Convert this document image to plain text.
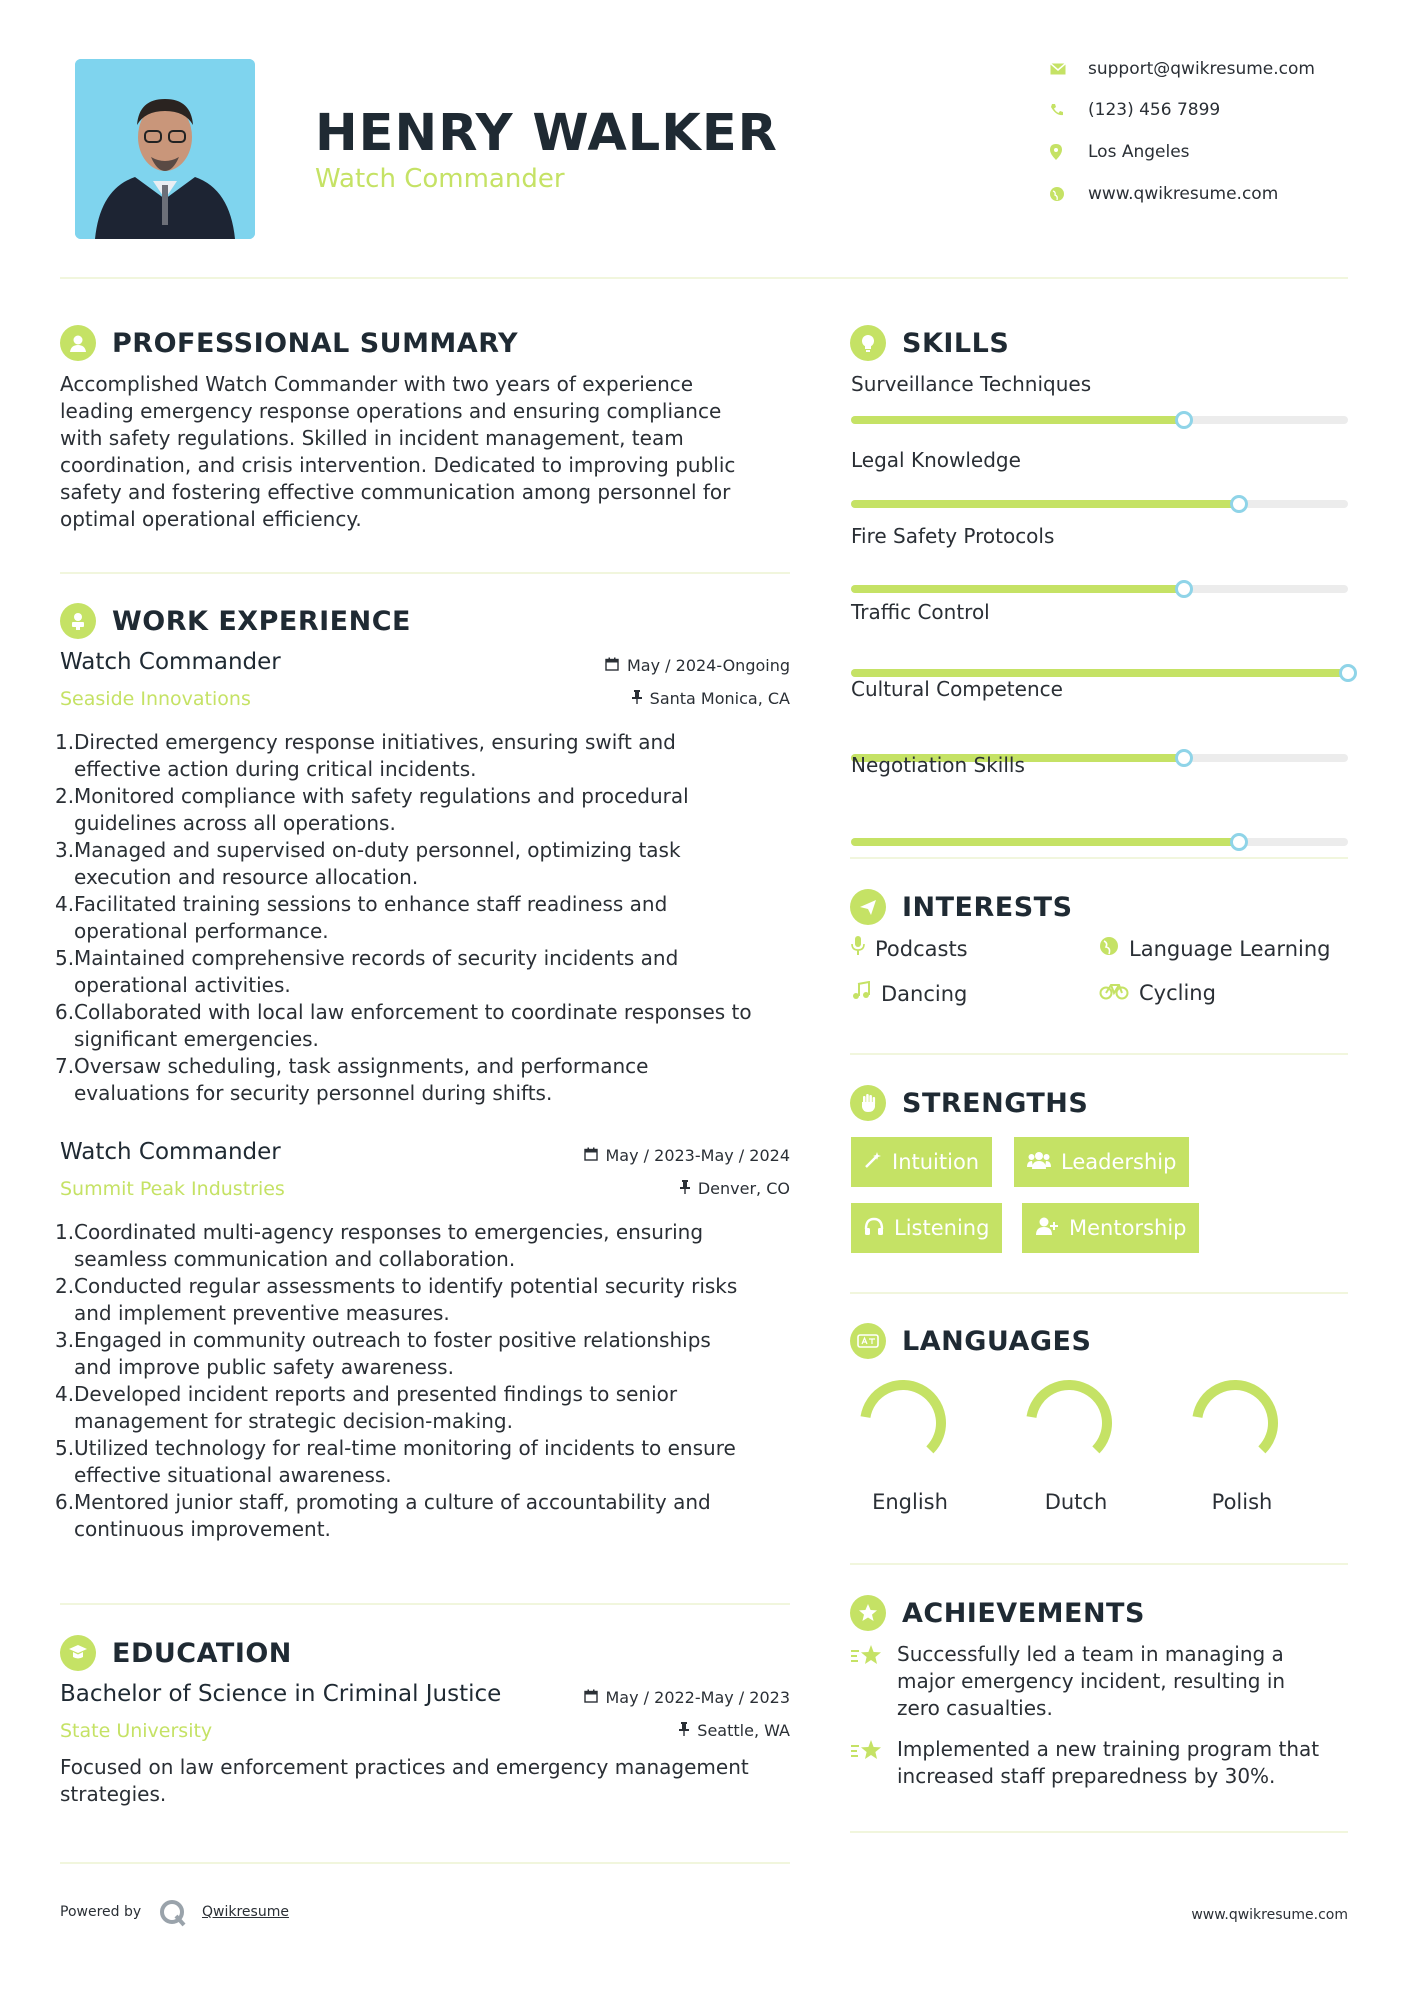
HENRY WALKER
Watch Commander
support@qwikresume.com
(123) 456 7899
Los Angeles
www.qwikresume.com
PROFESSIONAL SUMMARY
Accomplished Watch Commander with two years of experience
leading emergency response operations and ensuring compliance
with safety regulations. Skilled in incident management, team
coordination, and crisis intervention. Dedicated to improving public
safety and fostering effective communication among personnel for
optimal operational efficiency.
WORK EXPERIENCE
Watch Commander	May / 2024-Ongoing
Seaside Innovations	Santa Monica, CA
1. Directed emergency response initiatives, ensuring swift and
effective action during critical incidents.
2. Monitored compliance with safety regulations and procedural
guidelines across all operations.
3. Managed and supervised on-duty personnel, optimizing task
execution and resource allocation.
4. Facilitated training sessions to enhance staff readiness and
operational performance.
5. Maintained comprehensive records of security incidents and
operational activities.
6. Collaborated with local law enforcement to coordinate responses to
significant emergencies.
7. Oversaw scheduling, task assignments, and performance
evaluations for security personnel during shifts.
Watch Commander	May / 2023-May / 2024
Summit Peak Industries	Denver, CO
1. Coordinated multi-agency responses to emergencies, ensuring
seamless communication and collaboration.
2. Conducted regular assessments to identify potential security risks
and implement preventive measures.
3. Engaged in community outreach to foster positive relationships
and improve public safety awareness.
4. Developed incident reports and presented findings to senior
management for strategic decision-making.
5. Utilized technology for real-time monitoring of incidents to ensure
effective situational awareness.
6. Mentored junior staff, promoting a culture of accountability and
continuous improvement.
EDUCATION
Bachelor of Science in Criminal Justice	May / 2022-May / 2023
State University	Seattle, WA
Focused on law enforcement practices and emergency management
strategies.
SKILLS
Surveillance Techniques
Legal Knowledge
Fire Safety Protocols
Traffic Control
Cultural Competence
Negotiation Skills
INTERESTS
Podcasts	Language Learning
Dancing	Cycling
STRENGTHS
Intuition	Leadership
Listening	Mentorship
LANGUAGES
English	Dutch	Polish
ACHIEVEMENTS
Successfully led a team in managing a
major emergency incident, resulting in
zero casualties.
Implemented a new training program that
increased staff preparedness by 30%.
Powered by	Qwikresume	www.qwikresume.com
